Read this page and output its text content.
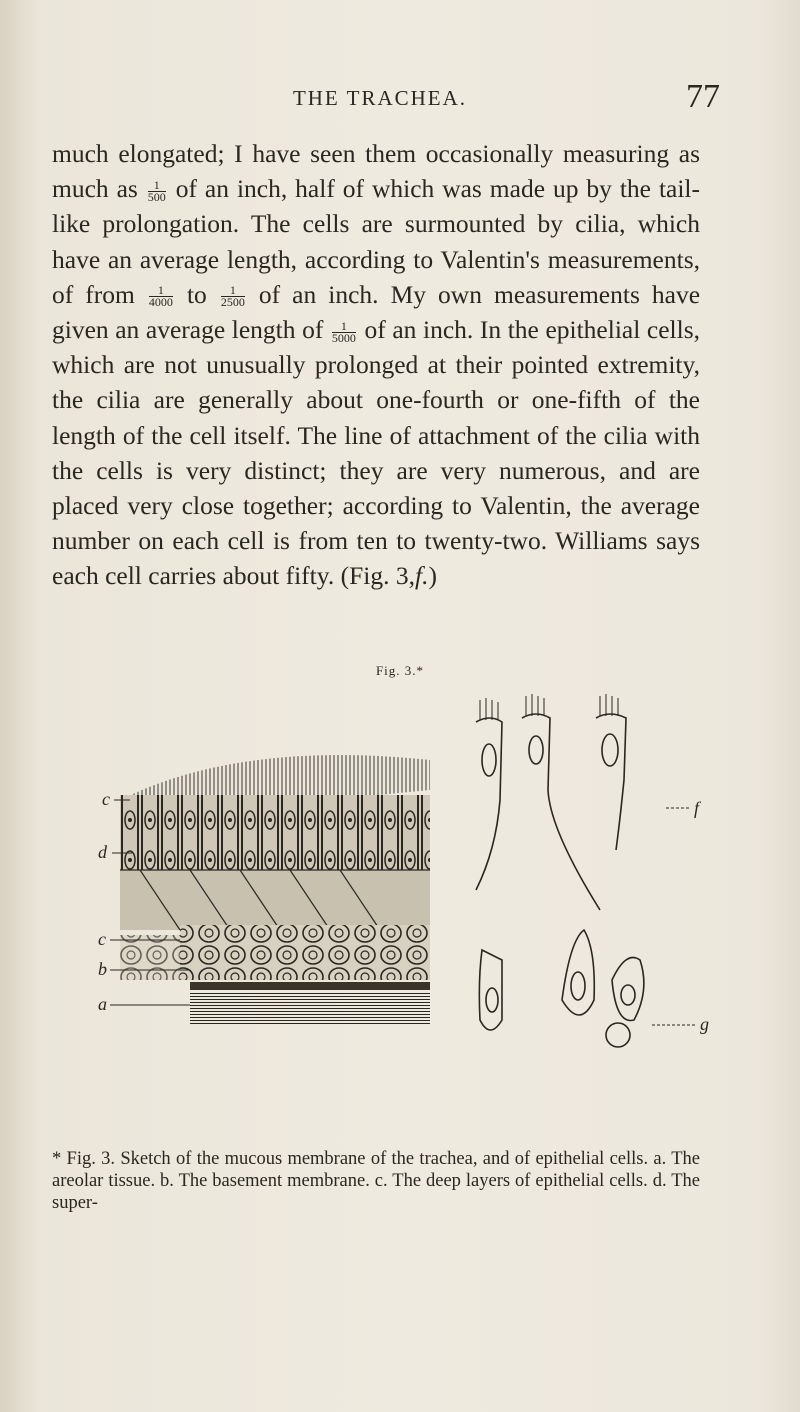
THE TRACHEA.	77

much elongated; I have seen them occasionally measuring as much as $\frac{1}{500}$ of an inch, half of which was made up by the tail-like prolongation. The cells are surmounted by cilia, which have an average length, according to Valentin's measurements, of from $\frac{1}{4000}$ to $\frac{1}{2500}$ of an inch. My own measurements have given an average length of $\frac{1}{5000}$ of an inch. In the epithelial cells, which are not unusually prolonged at their pointed extremity, the cilia are generally about one-fourth or one-fifth of the length of the cell itself. The line of attachment of the cilia with the cells is very distinct; they are very numerous, and are placed very close together; according to Valentin, the average number on each cell is from ten to twenty-two. Williams says each cell carries about fifty. (Fig. 3,f.)

Fig. 3.*
c
d
c
b
a
f
g

* Fig. 3. Sketch of the mucous membrane of the trachea, and of epithelial cells. a. The areolar tissue. b. The basement membrane. c. The deep layers of epithelial cells. d. The super-
